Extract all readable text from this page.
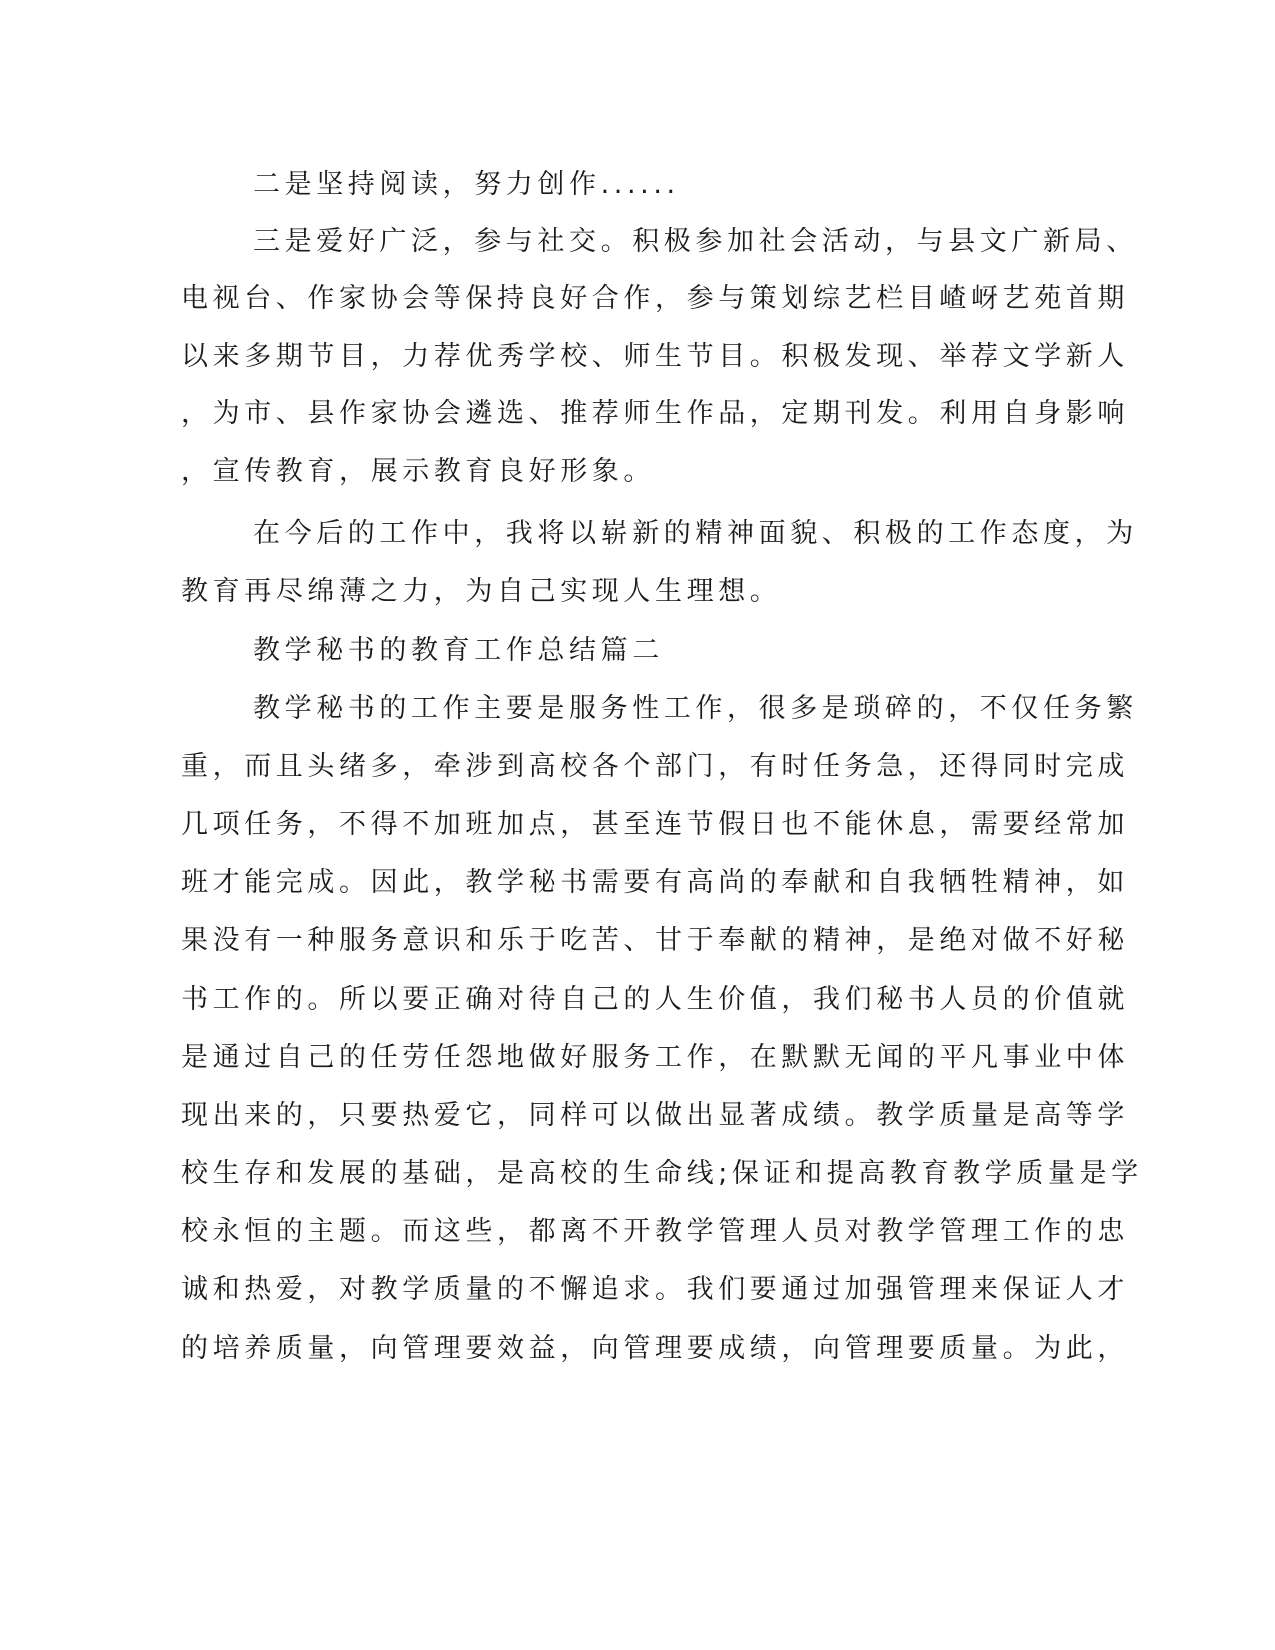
二是坚持阅读，努力创作......
三是爱好广泛，参与社交。积极参加社会活动，与县文广新局、
电视台、作家协会等保持良好合作，参与策划综艺栏目嵖岈艺苑首期
以来多期节目，力荐优秀学校、师生节目。积极发现、举荐文学新人
，为市、县作家协会遴选、推荐师生作品，定期刊发。利用自身影响
，宣传教育，展示教育良好形象。
在今后的工作中，我将以崭新的精神面貌、积极的工作态度，为
教育再尽绵薄之力，为自己实现人生理想。
教学秘书的教育工作总结篇二
教学秘书的工作主要是服务性工作，很多是琐碎的，不仅任务繁
重，而且头绪多，牵涉到高校各个部门，有时任务急，还得同时完成
几项任务，不得不加班加点，甚至连节假日也不能休息，需要经常加
班才能完成。因此，教学秘书需要有高尚的奉献和自我牺牲精神，如
果没有一种服务意识和乐于吃苦、甘于奉献的精神，是绝对做不好秘
书工作的。所以要正确对待自己的人生价值，我们秘书人员的价值就
是通过自己的任劳任怨地做好服务工作，在默默无闻的平凡事业中体
现出来的，只要热爱它，同样可以做出显著成绩。教学质量是高等学
校生存和发展的基础，是高校的生命线;保证和提高教育教学质量是学
校永恒的主题。而这些，都离不开教学管理人员对教学管理工作的忠
诚和热爱，对教学质量的不懈追求。我们要通过加强管理来保证人才
的培养质量，向管理要效益，向管理要成绩，向管理要质量。为此，
